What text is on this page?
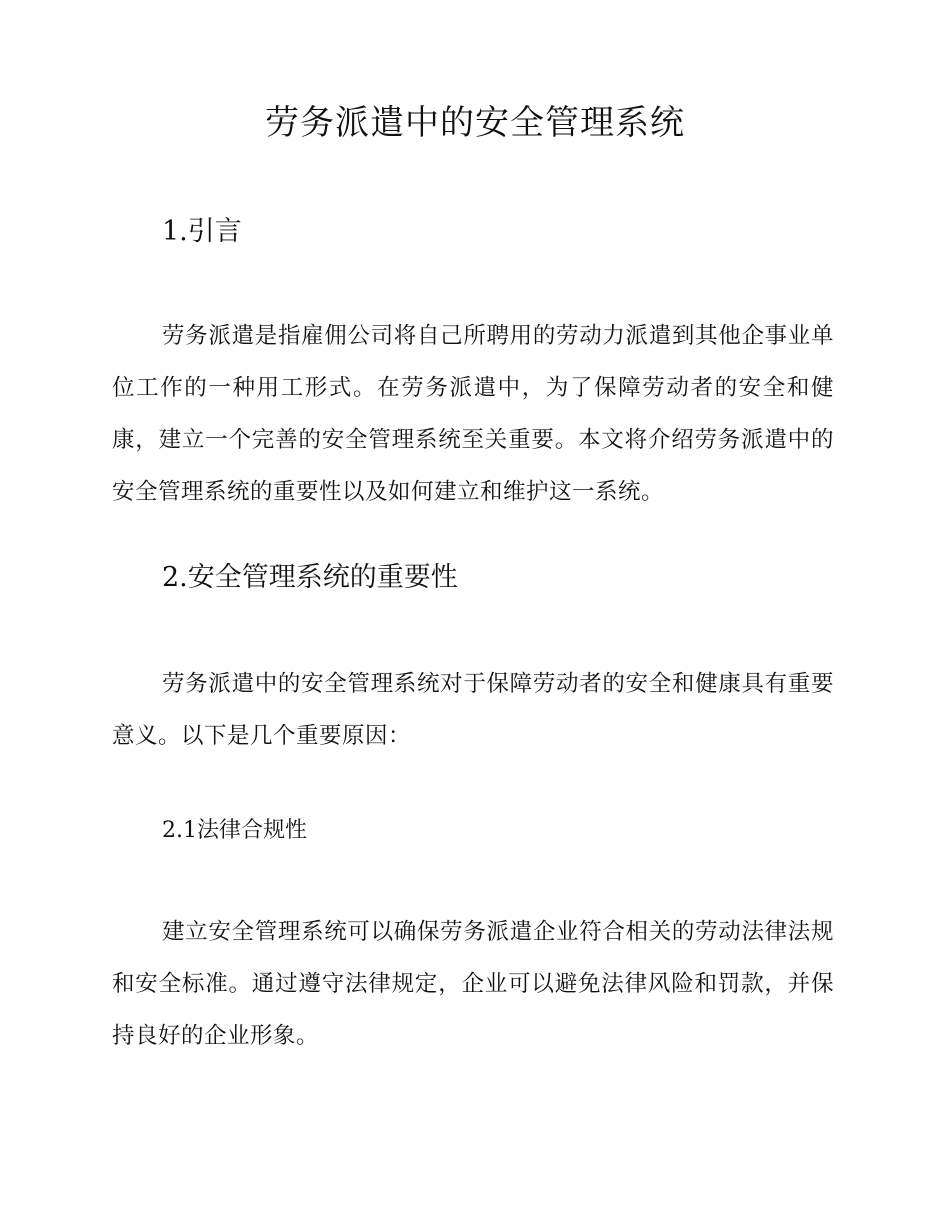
劳务派遣中的安全管理系统
1.引言

劳务派遣是指雇佣公司将自己所聘用的劳动力派遣到其他企事业单位工作的一种用工形式。在劳务派遣中，为了保障劳动者的安全和健康，建立一个完善的安全管理系统至关重要。本文将介绍劳务派遣中的安全管理系统的重要性以及如何建立和维护这一系统。

2.安全管理系统的重要性

劳务派遣中的安全管理系统对于保障劳动者的安全和健康具有重要意义。以下是几个重要原因：

2.1法律合规性

建立安全管理系统可以确保劳务派遣企业符合相关的劳动法律法规和安全标准。通过遵守法律规定，企业可以避免法律风险和罚款，并保持良好的企业形象。
